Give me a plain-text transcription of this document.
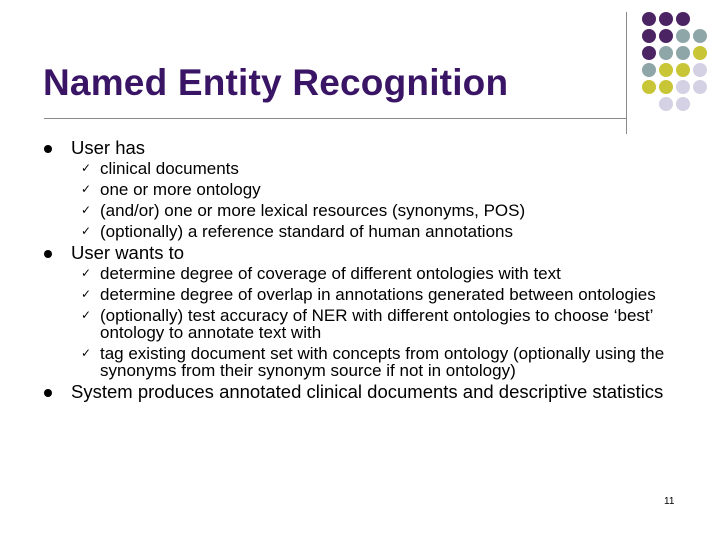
Named Entity Recognition
User has
✓ clinical documents
✓ one or more ontology
✓ (and/or) one or more lexical resources (synonyms, POS)
✓ (optionally) a reference standard of human annotations
User wants to
✓ determine degree of coverage of different ontologies with text
✓ determine degree of overlap in annotations generated between ontologies
✓ (optionally) test accuracy of NER with different ontologies to choose ‘best’ ontology to annotate text with
✓ tag existing document set with concepts from ontology (optionally using the synonyms from their synonym source if not in ontology)
System produces annotated clinical documents and descriptive statistics
11
